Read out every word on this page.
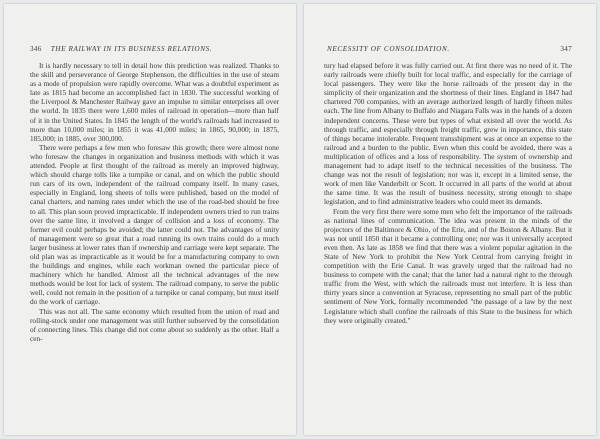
346 THE RAILWAY IN ITS BUSINESS RELATIONS.

It is hardly necessary to tell in detail how this prediction was realized. Thanks to the skill and perseverance of George Stephenson, the difficulties in the use of steam as a mode of propulsion were rapidly overcome. What was a doubtful experiment as late as 1815 had become an accomplished fact in 1830. The successful working of the Liverpool & Manchester Railway gave an impulse to similar enterprises all over the world. In 1835 there were 1,600 miles of railroad in operation—more than half of it in the United States. In 1845 the length of the world's railroads had increased to more than 10,000 miles; in 1855 it was 41,000 miles; in 1865, 90,000; in 1875, 185,000; in 1885, over 300,000.

There were perhaps a few men who foresaw this growth; there were almost none who foresaw the changes in organization and business methods with which it was attended. People at first thought of the railroad as merely an improved highway, which should charge tolls like a turnpike or canal, and on which the public should run cars of its own, independent of the railroad company itself. In many cases, especially in England, long sheets of tolls were published, based on the model of canal charters, and naming rates under which the use of the road-bed should be free to all. This plan soon proved impracticable. If independent owners tried to run trains over the same line, it involved a danger of collision and a loss of economy. The former evil could perhaps be avoided; the latter could not. The advantages of unity of management were so great that a road running its own trains could do a much larger business at lower rates than if ownership and carriage were kept separate. The old plan was as impracticable as it would be for a manufacturing company to own the buildings and engines, while each workman owned the particular piece of machinery which he handled. Almost all the technical advantages of the new methods would be lost for lack of system. The railroad company, to serve the public well, could not remain in the position of a turnpike or canal company, but must itself do the work of carriage.

This was not all. The same economy which resulted from the union of road and rolling-stock under one management was still further subserved by the consolidation of connecting lines. This change did not come about so suddenly as the other. Half a cen-

NECESSITY OF CONSOLIDATION.	347

tury had elapsed before it was fully carried out. At first there was no need of it. The early railroads were chiefly built for local traffic, and especially for the carriage of local passengers. They were like the horse railroads of the present day in the simplicity of their organization and the shortness of their lines. England in 1847 had chartered 700 companies, with an average authorized length of hardly fifteen miles each. The line from Albany to Buffalo and Niagara Falls was in the hands of a dozen independent concerns. These were but types of what existed all over the world. As through traffic, and especially through freight traffic, grew in importance, this state of things became intolerable. Frequent transshipment was at once an expense to the railroad and a burden to the public. Even when this could be avoided, there was a multiplication of offices and a loss of responsibility. The system of ownership and management had to adapt itself to the technical necessities of the business. The change was not the result of legislation; nor was it, except in a limited sense, the work of men like Vanderbilt or Scott. It occurred in all parts of the world at about the same time. It was the result of business necessity, strong enough to shape legislation, and to find administrative leaders who could meet its demands.

From the very first there were some men who felt the importance of the railroads as national lines of communication. The idea was present in the minds of the projectors of the Baltimore & Ohio, of the Erie, and of the Boston & Albany. But it was not until 1850 that it became a controlling one; nor was it universally accepted even then. As late as 1858 we find that there was a violent popular agitation in the State of New York to prohibit the New York Central from carrying freight in competition with the Erie Canal. It was gravely urged that the railroad had no business to compete with the canal; that the latter had a natural right to the through traffic from the West, with which the railroads must not interfere. It is less than thirty years since a convention at Syracuse, representing no small part of the public sentiment of New York, formally recommended "the passage of a law by the next Legislature which shall confine the railroads of this State to the business for which they were originally created."
